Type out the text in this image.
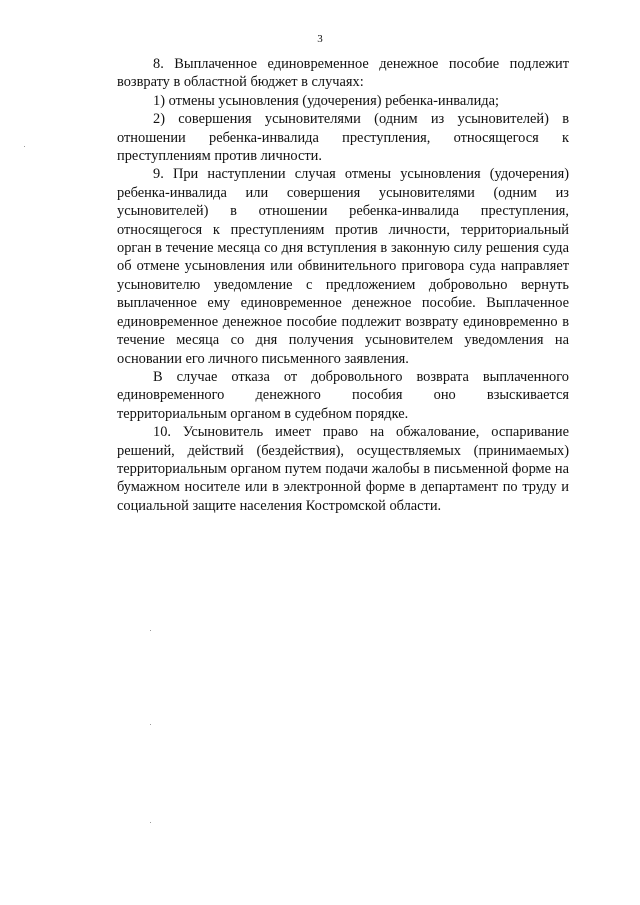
3

8. Выплаченное единовременное денежное пособие подлежит возврату в областной бюджет в случаях:

1) отмены усыновления (удочерения) ребенка-инвалида;

2) совершения усыновителями (одним из усыновителей) в отношении ребенка-инвалида преступления, относящегося к преступлениям против личности.

9. При наступлении случая отмены усыновления (удочерения) ребенка-инвалида или совершения усыновителями (одним из усыновителей) в отношении ребенка-инвалида преступления, относящегося к преступлениям против личности, территориальный орган в течение месяца со дня вступления в законную силу решения суда об отмене усыновления или обвинительного приговора суда направляет усыновителю уведомление с предложением добровольно вернуть выплаченное ему единовременное денежное пособие. Выплаченное единовременное денежное пособие подлежит возврату единовременно в течение месяца со дня получения усыновителем уведомления на основании его личного письменного заявления.

В случае отказа от добровольного возврата выплаченного единовременного денежного пособия оно взыскивается территориальным органом в судебном порядке.

10. Усыновитель имеет право на обжалование, оспаривание решений, действий (бездействия), осуществляемых (принимаемых) территориальным органом путем подачи жалобы в письменной форме на бумажном носителе или в электронной форме в департамент по труду и социальной защите населения Костромской области.
